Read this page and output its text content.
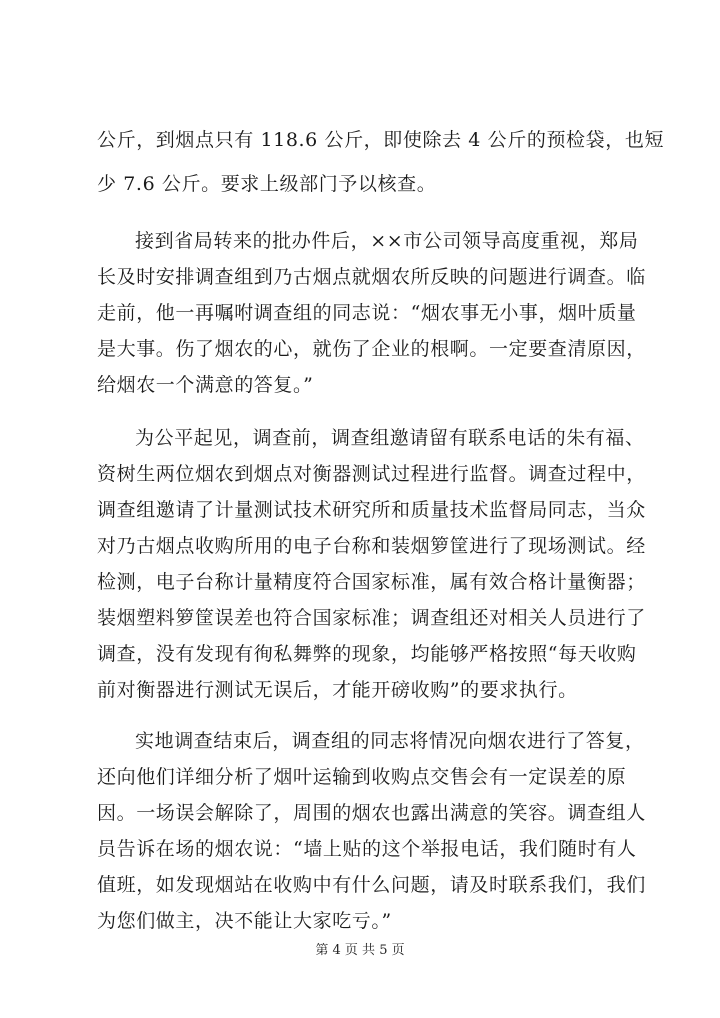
公斤，到烟点只有 118.6 公斤，即使除去 4 公斤的预检袋，也短
少 7.6 公斤。要求上级部门予以核查。
接到省局转来的批办件后，××市公司领导高度重视，郑局
长及时安排调查组到乃古烟点就烟农所反映的问题进行调查。临
走前，他一再嘱咐调查组的同志说：“烟农事无小事，烟叶质量
是大事。伤了烟农的心，就伤了企业的根啊。一定要查清原因，
给烟农一个满意的答复。”
为公平起见，调查前，调查组邀请留有联系电话的朱有福、
资树生两位烟农到烟点对衡器测试过程进行监督。调查过程中，
调查组邀请了计量测试技术研究所和质量技术监督局同志，当众
对乃古烟点收购所用的电子台称和装烟箩筐进行了现场测试。经
检测，电子台称计量精度符合国家标准，属有效合格计量衡器；
装烟塑料箩筐误差也符合国家标准；调查组还对相关人员进行了
调查，没有发现有徇私舞弊的现象，均能够严格按照“每天收购
前对衡器进行测试无误后，才能开磅收购”的要求执行。
实地调查结束后，调查组的同志将情况向烟农进行了答复，
还向他们详细分析了烟叶运输到收购点交售会有一定误差的原
因。一场误会解除了，周围的烟农也露出满意的笑容。调查组人
员告诉在场的烟农说：“墙上贴的这个举报电话，我们随时有人
值班，如发现烟站在收购中有什么问题，请及时联系我们，我们
为您们做主，决不能让大家吃亏。”
第 4 页 共 5 页
